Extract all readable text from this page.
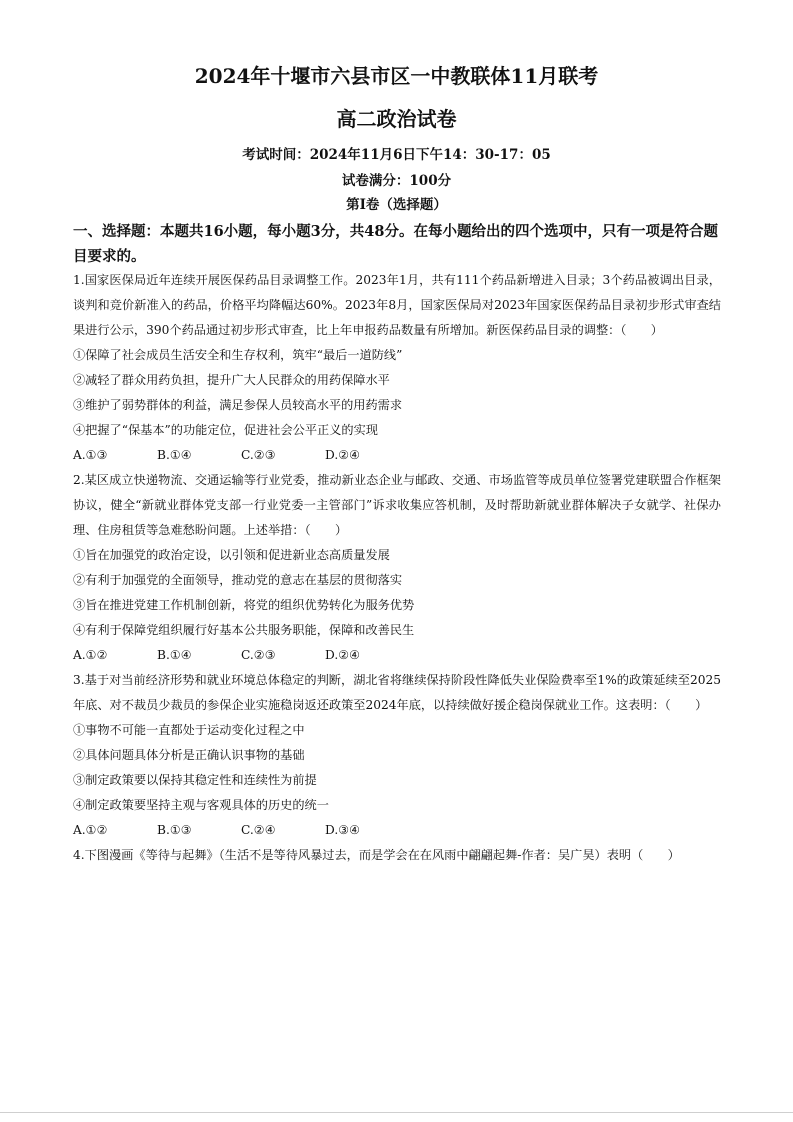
2024年十堰市六县市区一中教联体11月联考
高二政治试卷
考试时间：2024年11月6日下午14：30-17：05
试卷满分：100分
第Ⅰ卷（选择题）
一、选择题：本题共16小题，每小题3分，共48分。在每小题给出的四个选项中，只有一项是符合题目要求的。
1.国家医保局近年连续开展医保药品目录调整工作。2023年1月，共有111个药品新增进入目录；3个药品被调出目录，谈判和竞价新准入的药品，价格平均降幅达60%。2023年8月，国家医保局对2023年国家医保药品目录初步形式审查结果进行公示，390个药品通过初步形式审查，比上年申报药品数量有所增加。新医保药品目录的调整：（　　）
①保障了社会成员生活安全和生存权利，筑牢“最后一道防线”
②减轻了群众用药负担，提升广大人民群众的用药保障水平
③维护了弱势群体的利益，满足参保人员较高水平的用药需求
④把握了“保基本”的功能定位，促进社会公平正义的实现
A.①③	B.①④	C.②③	D.②④
2.某区成立快递物流、交通运输等行业党委，推动新业态企业与邮政、交通、市场监管等成员单位签署党建联盟合作框架协议，健全“新就业群体党支部一行业党委一主管部门”诉求收集应答机制，及时帮助新就业群体解决子女就学、社保办理、住房租赁等急难愁盼问题。上述举措：（　　）
①旨在加强党的政治定设，以引领和促进新业态高质量发展
②有利于加强党的全面领导，推动党的意志在基层的贯彻落实
③旨在推进党建工作机制创新，将党的组织优势转化为服务优势
④有利于保障党组织履行好基本公共服务职能，保障和改善民生
A.①②	B.①④	C.②③	D.②④
3.基于对当前经济形势和就业环境总体稳定的判断，湖北省将继续保持阶段性降低失业保险费率至1%的政策延续至2025年底、对不裁员少裁员的参保企业实施稳岗返还政策至2024年底，以持续做好援企稳岗保就业工作。这表明：（　　）
①事物不可能一直都处于运动变化过程之中
②具体问题具体分析是正确认识事物的基础
③制定政策要以保持其稳定性和连续性为前提
④制定政策要坚持主观与客观具体的历史的统一
A.①②	B.①③	C.②④	D.③④
4.下图漫画《等待与起舞》（生活不是等待风暴过去，而是学会在在风雨中翩翩起舞-作者：吴广昊）表明（　　）
